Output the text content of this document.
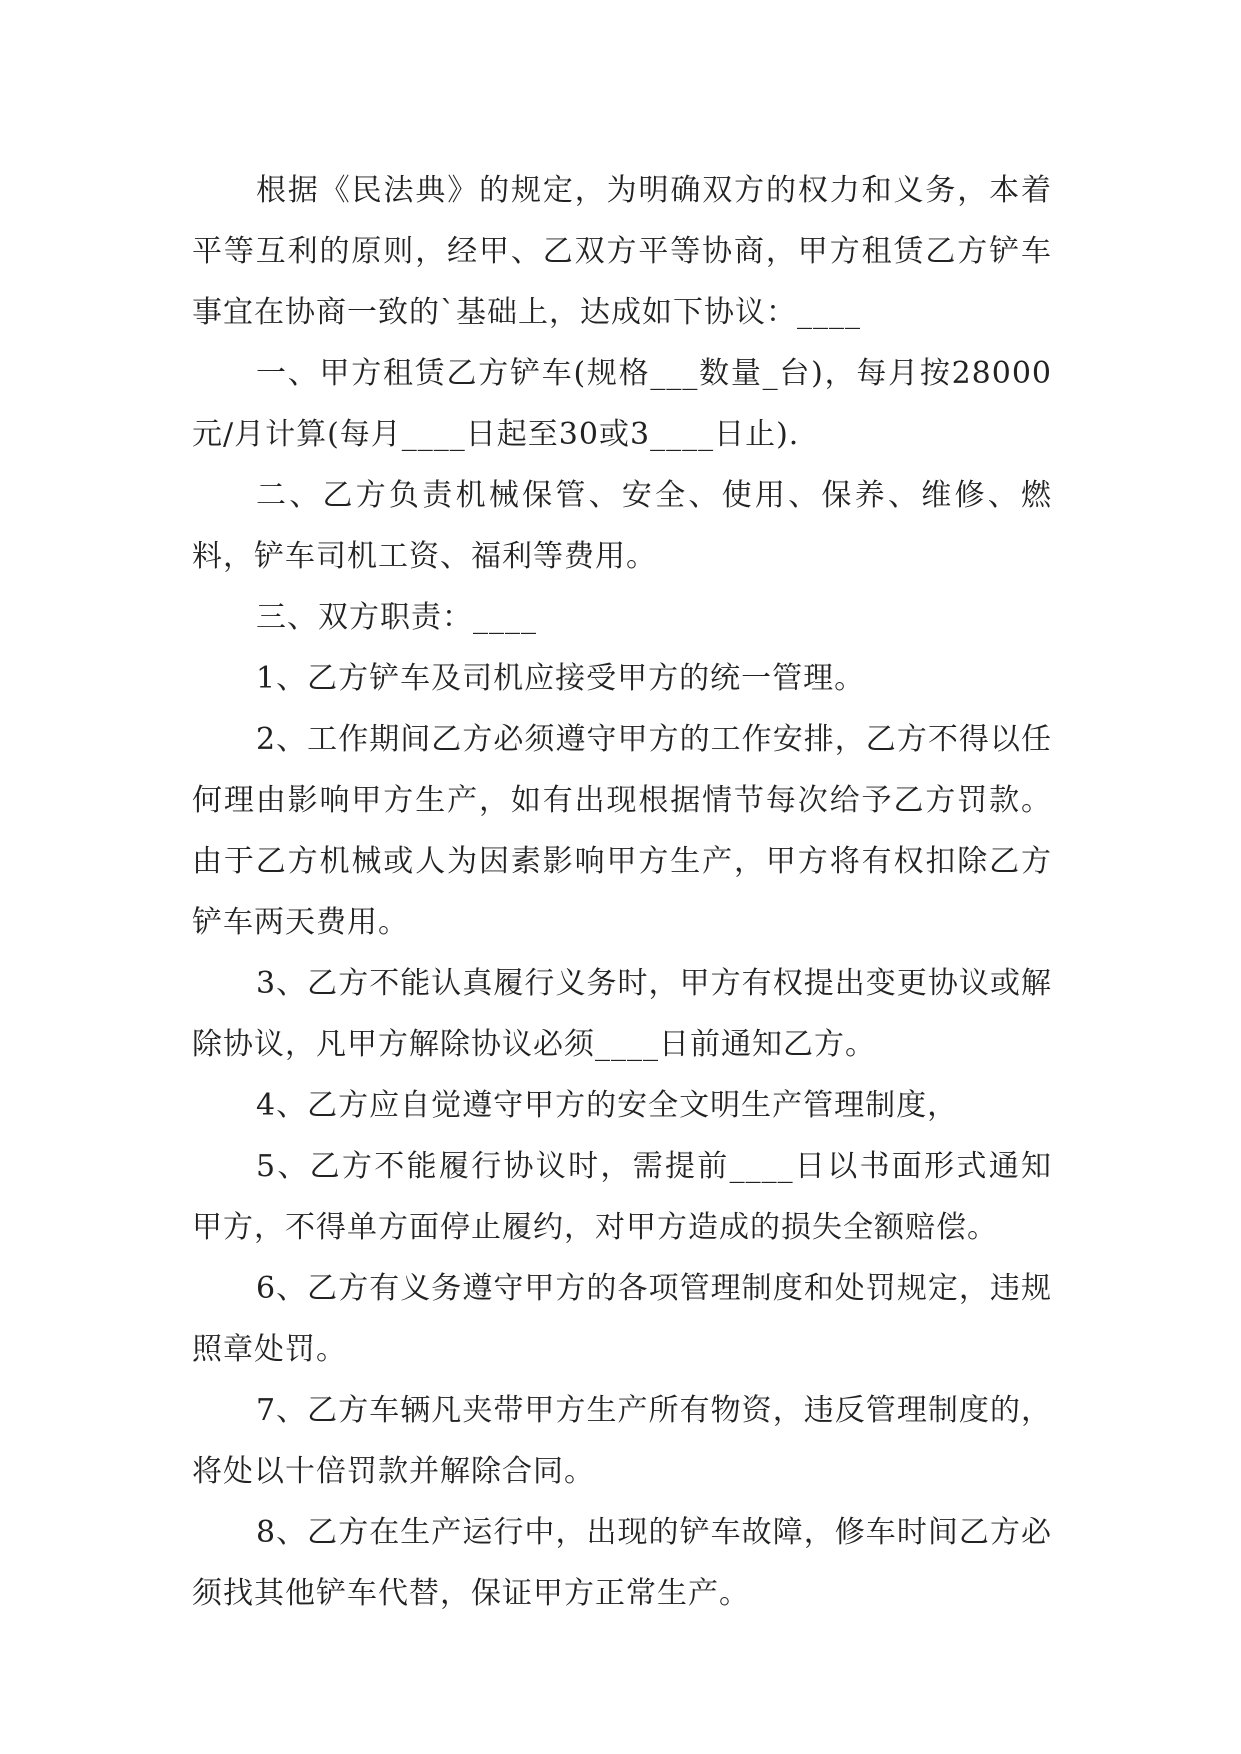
根据《民法典》的规定，为明确双方的权力和义务，本着平等互利的原则，经甲、乙双方平等协商，甲方租赁乙方铲车事宜在协商一致的`基础上，达成如下协议：____

一、甲方租赁乙方铲车(规格___数量_台)，每月按28000元/月计算(每月____日起至30或3____日止).

二、乙方负责机械保管、安全、使用、保养、维修、燃料，铲车司机工资、福利等费用。

三、双方职责：____

1、乙方铲车及司机应接受甲方的统一管理。

2、工作期间乙方必须遵守甲方的工作安排，乙方不得以任何理由影响甲方生产，如有出现根据情节每次给予乙方罚款。由于乙方机械或人为因素影响甲方生产，甲方将有权扣除乙方铲车两天费用。

3、乙方不能认真履行义务时，甲方有权提出变更协议或解除协议，凡甲方解除协议必须____日前通知乙方。

4、乙方应自觉遵守甲方的安全文明生产管理制度，

5、乙方不能履行协议时，需提前____日以书面形式通知甲方，不得单方面停止履约，对甲方造成的损失全额赔偿。

6、乙方有义务遵守甲方的各项管理制度和处罚规定，违规照章处罚。

7、乙方车辆凡夹带甲方生产所有物资，违反管理制度的，将处以十倍罚款并解除合同。

8、乙方在生产运行中，出现的铲车故障，修车时间乙方必须找其他铲车代替，保证甲方正常生产。
